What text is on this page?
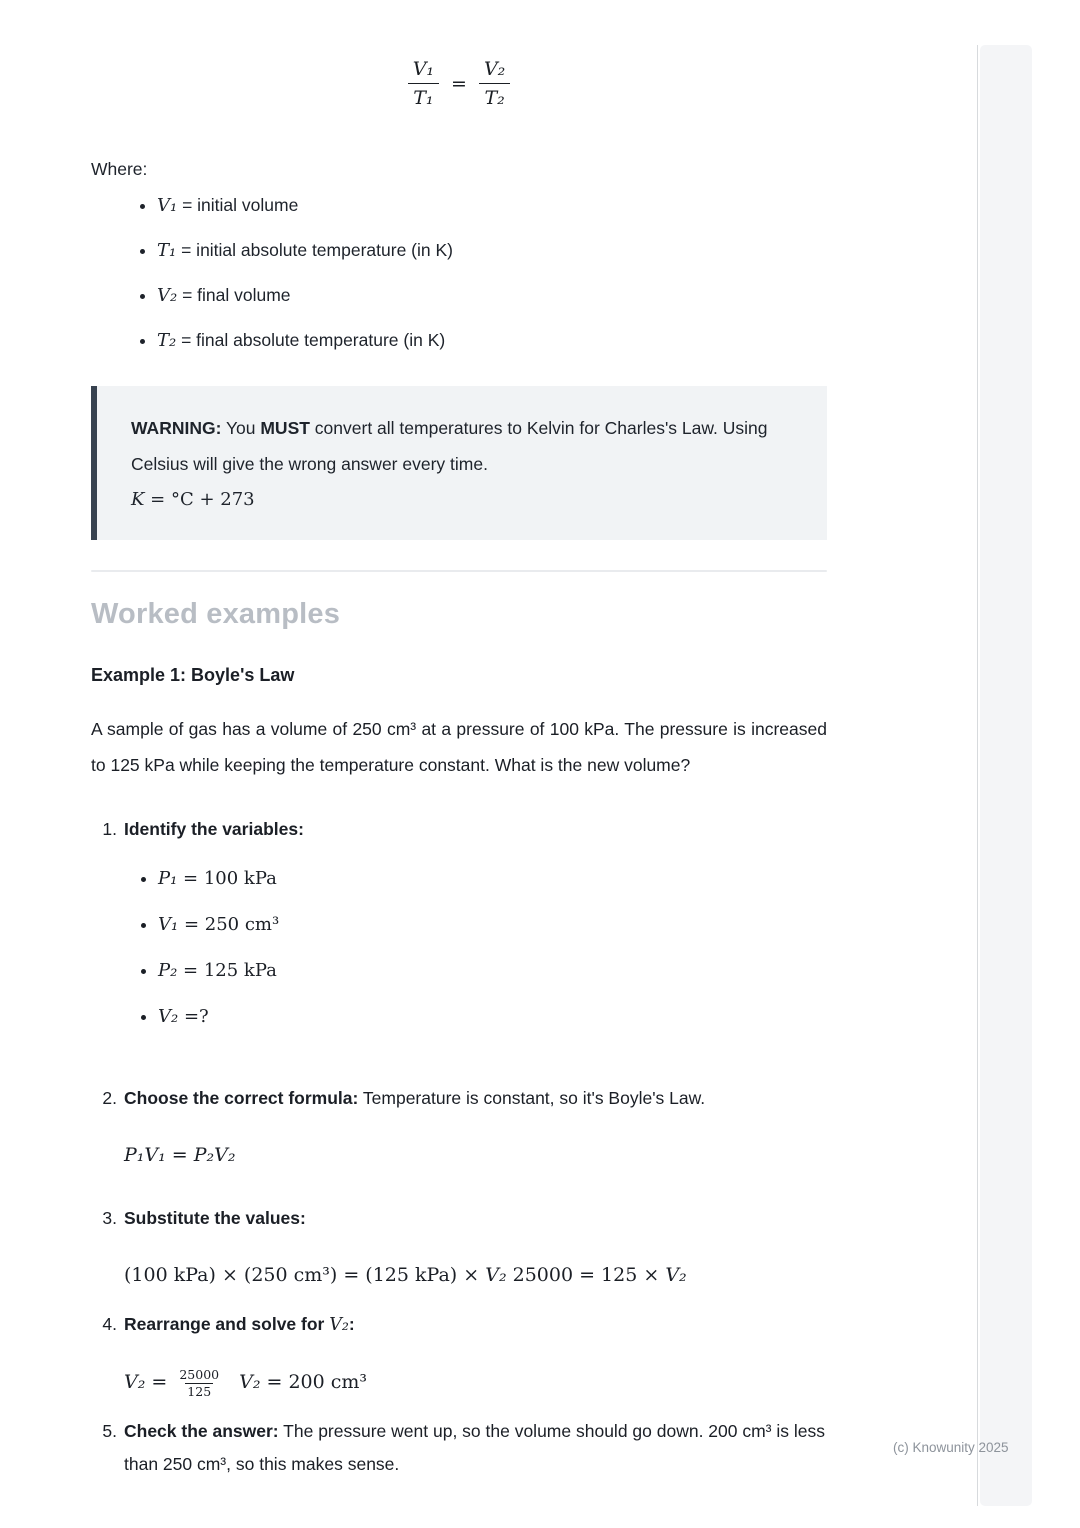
$\frac{\text{V₁}}{\text{T₁}} = \frac{\text{V₂}}{\text{T₂}}$

Where:

• V₁ = initial volume
• T₁ = initial absolute temperature (in K)
• V₂ = final volume
• T₂ = final absolute temperature (in K)

WARNING: You MUST convert all temperatures to Kelvin for Charles's Law. Using Celsius will give the wrong answer every time.

K = °C + 273

Worked examples
Example 1: Boyle's Law

A sample of gas has a volume of 250 cm³ at a pressure of 100 kPa. The pressure is increased to 125 kPa while keeping the temperature constant. What is the new volume?

1. Identify the variables:
• P₁ = 100 kPa
• V₁ = 250 cm³
• P₂ = 125 kPa
• V₂ =?
2. Choose the correct formula: Temperature is constant, so it's Boyle's Law.
P₁V₁ = P₂V₂
3. Substitute the values:
(100 kPa) × (250 cm³) = (125 kPa) × V₂ 25000 = 125 × V₂
4. Rearrange and solve for V₂:
$V_2 = \frac{25000}{125} V_2 = 200$ cm³
5. Check the answer: The pressure went up, so the volume should go down. 200 cm³ is less than 250 cm³, so this makes sense.
(c) Knowunity 2025
